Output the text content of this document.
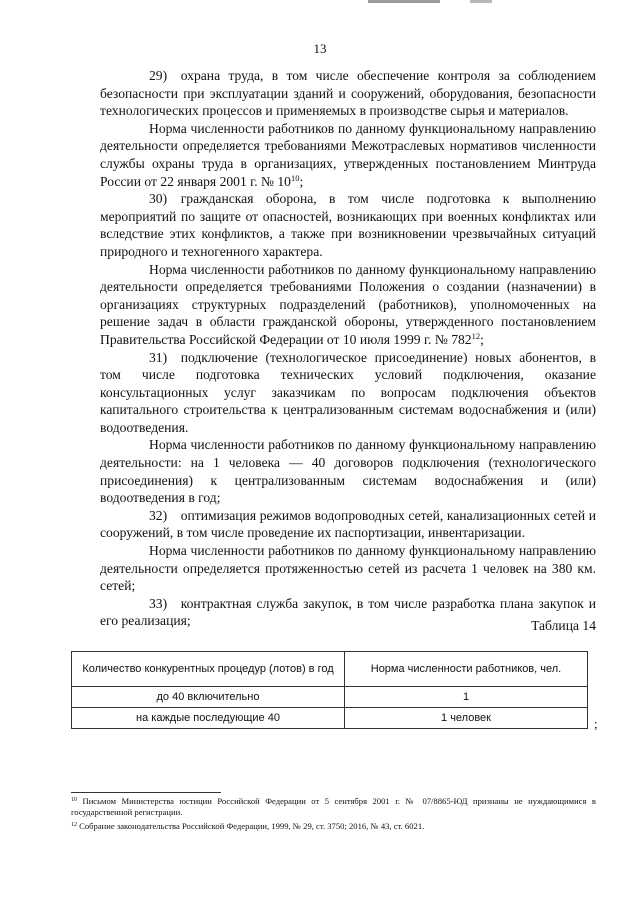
13

29) охрана труда, в том числе обеспечение контроля за соблюдением безопасности при эксплуатации зданий и сооружений, оборудования, безопасности технологических процессов и применяемых в производстве сырья и материалов.

Норма численности работников по данному функциональному направлению деятельности определяется требованиями Межотраслевых нормативов численности службы охраны труда в организациях, утвержденных постановлением Минтруда России от 22 января 2001 г. № $10^{10}$;

30) гражданская оборона, в том числе подготовка к выполнению мероприятий по защите от опасностей, возникающих при военных конфликтах или вследствие этих конфликтов, а также при возникновении чрезвычайных ситуаций природного и техногенного характера.

Норма численности работников по данному функциональному направлению деятельности определяется требованиями Положения о создании (назначении) в организациях структурных подразделений (работников), уполномоченных на решение задач в области гражданской обороны, утвержденного постановлением Правительства Российской Федерации от 10 июля 1999 г. № $782^{12}$;

31) подключение (технологическое присоединение) новых абонентов, в том числе подготовка технических условий подключения, оказание консультационных услуг заказчикам по вопросам подключения объектов капитального строительства к централизованным системам водоснабжения и (или) водоотведения.

Норма численности работников по данному функциональному направлению деятельности: на 1 человека — 40 договоров подключения (технологического присоединения) к централизованным системам водоснабжения и (или) водоотведения в год;

32) оптимизация режимов водопроводных сетей, канализационных сетей и сооружений, в том числе проведение их паспортизации, инвентаризации.

Норма численности работников по данному функциональному направлению деятельности определяется протяженностью сетей из расчета 1 человек на 380 км. сетей;

33) контрактная служба закупок, в том числе разработка плана закупок и его реализация;	Таблица 14
Количество конкурентных процедур (лотов) в год	Норма численности работников, чел.
до 40 включительно	1
на каждые последующие 40	1 человек	;
$^{10}$ Письмом Министерства юстиции Российской Федерации от 5 сентября 2001 г. № 07/8865-ЮД признаны не нуждающимися в государственной регистрации.
$^{12}$ Собрание законодательства Российской Федерации, 1999, № 29, ст. 3750; 2016, № 43, ст. 6021.
